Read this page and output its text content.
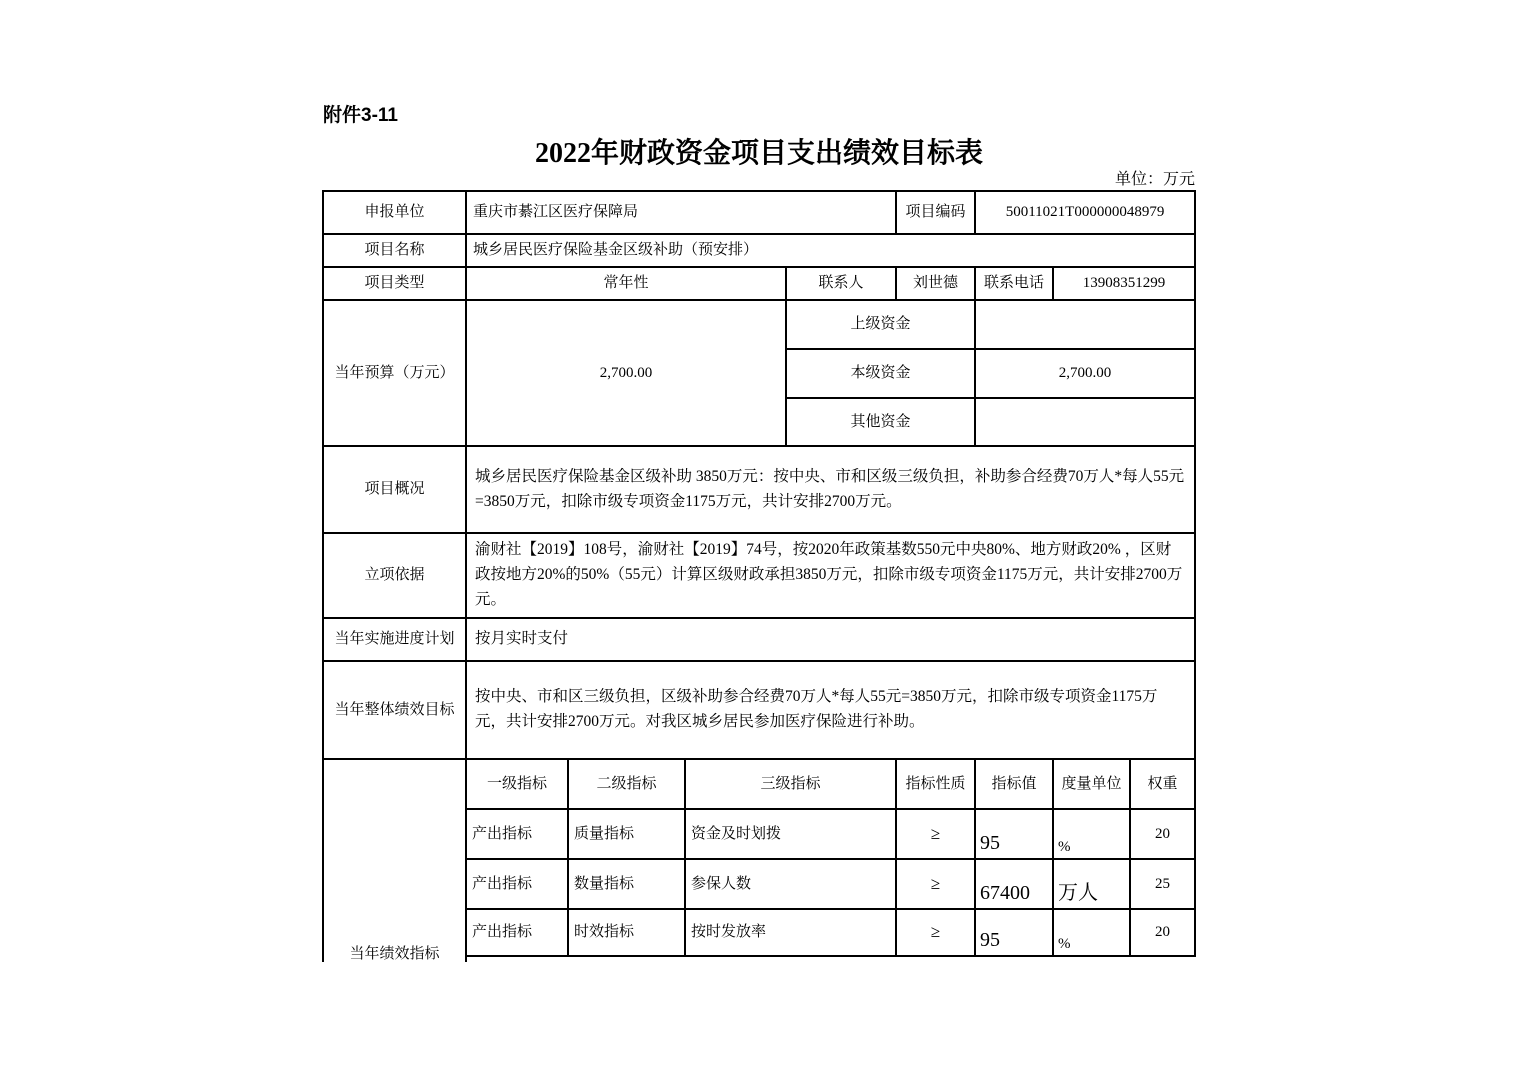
附件3-11
2022年财政资金项目支出绩效目标表
单位：万元
申报单位	重庆市綦江区医疗保障局				项目编码	50011021T000000048979		
项目名称	城乡居民医疗保险基金区级补助（预安排）							
项目类型	常年性			联系人	刘世德	联系电话	13908351299	
当年预算（万元）	2,700.00			上级资金				
				本级资金		2,700.00		
				其他资金				
项目概况	城乡居民医疗保险基金区级补助 3850万元：按中央、市和区级三级负担，补助参合经费70万人*每人55元=3850万元，扣除市级专项资金1175万元，共计安排2700万元。							
立项依据	渝财社【2019】108号，渝财社【2019】74号，按2020年政策基数550元中央80%、地方财政20% ，区财政按地方20%的50%（55元）计算区级财政承担3850万元，扣除市级专项资金1175万元，共计安排2700万元。							
当年实施进度计划	按月实时支付							
当年整体绩效目标	按中央、市和区三级负担，区级补助参合经费70万人*每人55元=3850万元，扣除市级专项资金1175万元，共计安排2700万元。对我区城乡居民参加医疗保险进行补助。							
当年绩效指标	一级指标	二级指标	三级指标		指标性质	指标值	度量单位	权重
	产出指标	质量指标	资金及时划拨		≥	95	%	20
	产出指标	数量指标	参保人数		≥	67400	万人	25
	产出指标	时效指标	按时发放率		≥	95	%	20
